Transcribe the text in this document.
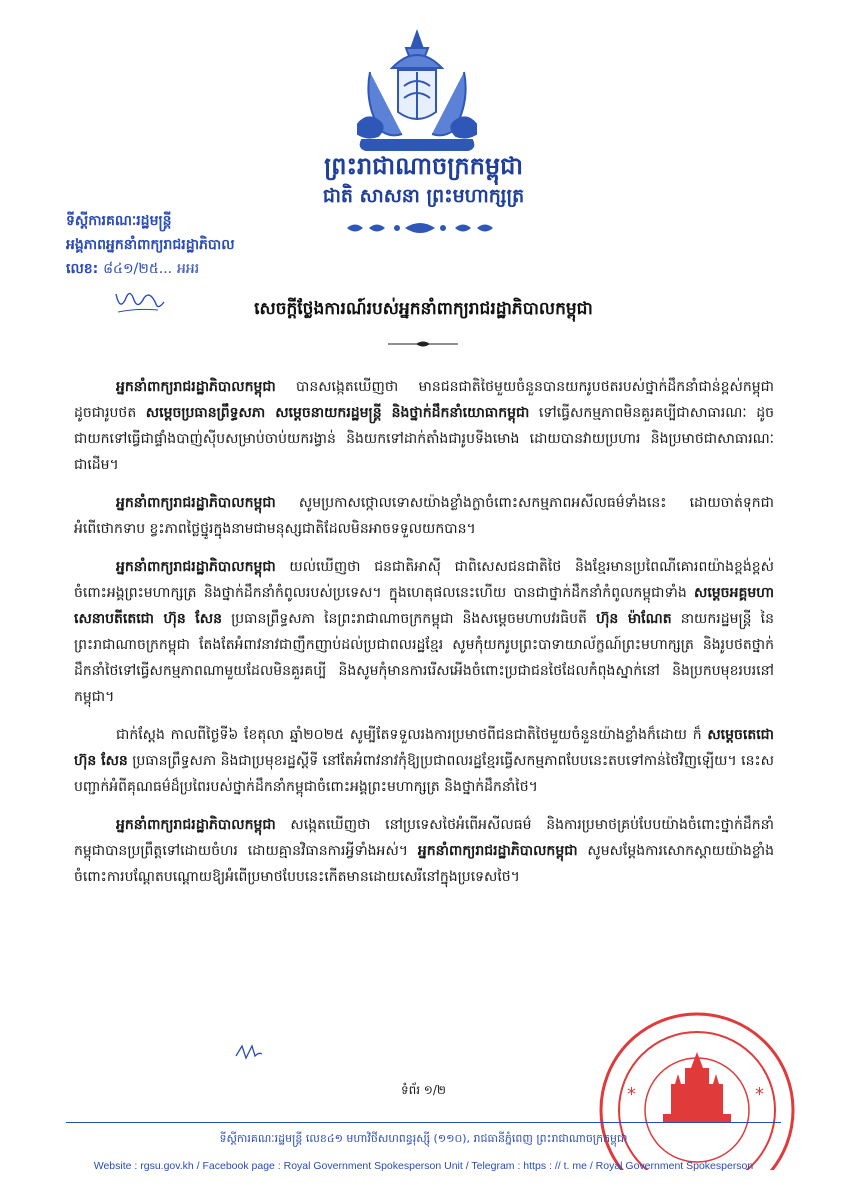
ព្រះរាជាណាចក្រកម្ពុជា
ជាតិ សាសនា ព្រះមហាក្សត្រ
ទីស្តីការគណៈរដ្ឋមន្ត្រី
អង្គភាពអ្នកនាំពាក្យរាជរដ្ឋាភិបាល
លេខ: ៨៤១/២៥... អអរ
សេចក្តីថ្លែងការណ៍របស់អ្នកនាំពាក្យរាជរដ្ឋាភិបាលកម្ពុជា

អ្នកនាំពាក្យរាជរដ្ឋាភិបាលកម្ពុជា បានសង្កេតឃើញថា មានជនជាតិថៃមួយចំនួនបានយករូបថតរបស់ថ្នាក់ដឹកនាំជាន់ខ្ពស់កម្ពុជា ដូចជារូបថត សម្តេចប្រធានព្រឹទ្ធសភា សម្តេចនាយករដ្ឋមន្ត្រី និងថ្នាក់ដឹកនាំយោធាកម្ពុជា ទៅធ្វើសកម្មភាពមិនគួរគប្បីជាសាធារណៈ ដូចជាយកទៅធ្វើជាផ្ទាំងបាញ់ស៊ីបសម្រាប់ចាប់យករង្វាន់ និងយកទៅដាក់តាំងជារូបទីងមោង ដោយបានវាយប្រហារ និងប្រមាថជាសាធារណៈ ជាដើម។

អ្នកនាំពាក្យរាជរដ្ឋាភិបាលកម្ពុជា សូមប្រកាសថ្កោលទោសយ៉ាងខ្លាំងក្លាចំពោះសកម្មភាពអសីលធម៌ទាំងនេះ ដោយចាត់ទុកជាអំពើថោកទាប ខ្វះភាពថ្លៃថ្នូរក្នុងនាមជាមនុស្សជាតិដែលមិនអាចទទួលយកបាន។

អ្នកនាំពាក្យរាជរដ្ឋាភិបាលកម្ពុជា យល់ឃើញថា ជនជាតិអាស៊ី ជាពិសេសជនជាតិថៃ និងខ្មែរមានប្រពៃណីគោរពយ៉ាងខ្ពង់ខ្ពស់ ចំពោះអង្គព្រះមហាក្សត្រ និងថ្នាក់ដឹកនាំកំពូលរបស់ប្រទេស។ ក្នុងហេតុផលនេះហើយ បានជាថ្នាក់ដឹកនាំកំពូលកម្ពុជាទាំង សម្តេចអគ្គមហាសេនាបតីតេជោ ហ៊ុន សែន ប្រធានព្រឹទ្ធសភា នៃព្រះរាជាណាចក្រកម្ពុជា និងសម្តេចមហាបវរធិបតី ហ៊ុន ម៉ាណែត នាយករដ្ឋមន្ត្រី នៃព្រះរាជាណាចក្រកម្ពុជា តែងតែអំពាវនាវជាញឹកញាប់ដល់ប្រជាពលរដ្ឋខ្មែរ សូមកុំយករូបព្រះបាទាយាល័ក្ខណ៍ព្រះមហាក្សត្រ និងរូបថតថ្នាក់ដឹកនាំថៃទៅធ្វើសកម្មភាពណាមួយដែលមិនគួរគប្បី និងសូមកុំមានការរើសអើងចំពោះប្រជាជនថៃដែលកំពុងស្នាក់នៅ និងប្រកបមុខរបរនៅកម្ពុជា។

ជាក់ស្តែង កាលពីថ្ងៃទី៦ ខែតុលា ឆ្នាំ២០២៥ សូម្បីតែទទួលរងការប្រមាថពីជនជាតិថៃមួយចំនួនយ៉ាងខ្លាំងក៏ដោយ ក៏ សម្តេចតេជោ ហ៊ុន សែន ប្រធានព្រឹទ្ធសភា និងជាប្រមុខរដ្ឋស្តីទី នៅតែអំពាវនាវកុំឱ្យប្រជាពលរដ្ឋខ្មែរធ្វើសកម្មភាពបែបនេះតបទៅកាន់ថៃវិញឡើយ។ នេះសបញ្ជាក់អំពីគុណធម៌ដ៏ប្រពៃរបស់ថ្នាក់ដឹកនាំកម្ពុជាចំពោះអង្គព្រះមហាក្សត្រ និងថ្នាក់ដឹកនាំថៃ។

អ្នកនាំពាក្យរាជរដ្ឋាភិបាលកម្ពុជា សង្កេតឃើញថា នៅប្រទេសថៃអំពើអសីលធម៌ និងការប្រមាថគ្រប់បែបយ៉ាងចំពោះថ្នាក់ដឹកនាំកម្ពុជាបានប្រព្រឹត្តទៅដោយចំហរ ដោយគ្មានវិធានការអ្វីទាំងអស់។ អ្នកនាំពាក្យរាជរដ្ឋាភិបាលកម្ពុជា សូមសម្តែងការសោកស្តាយយ៉ាងខ្លាំងចំពោះការបណ្តែតបណ្តោយឱ្យអំពើប្រមាថបែបនេះកើតមានដោយសេរីនៅក្នុងប្រទេសថៃ។

ទំព័រ ១/២	*	*
ទីស្តីការគណៈរដ្ឋមន្ត្រី លេខ៤១ មហាវិថីសហពន្ធរុស្ស៊ី (១១០), រាជធានីភ្នំពេញ ព្រះរាជាណាចក្រកម្ពុជា
Website : rgsu.gov.kh / Facebook page : Royal Government Spokesperson Unit / Telegram : https : // t. me / Royal Government Spokesperson
